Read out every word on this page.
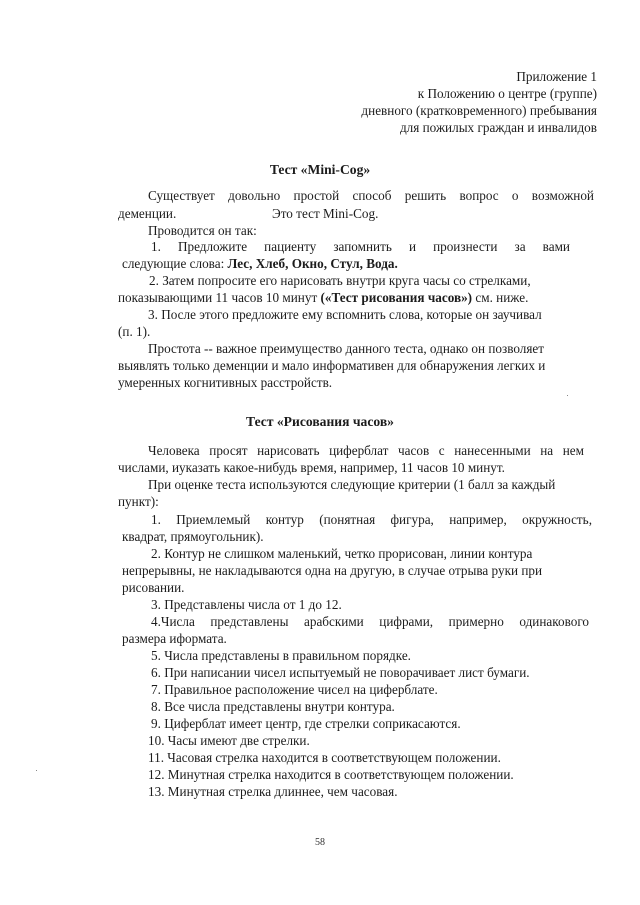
Приложение 1

к Положению о центре (группе)

дневного (кратковременного) пребывания

для пожилых граждан и инвалидов

Тест «Mini-Cog»

Существует довольно простой способ решить вопрос о возможной

деменции.	Это тест Mini-Cog.

Проводится он так:

1. Предложите пациенту запомнить и произнести за вами

следующие слова: Лес, Хлеб, Окно, Стул, Вода.

2. Затем попросите его нарисовать внутри круга часы со стрелками,

показывающими 11 часов 10 минут («Тест рисования часов») см. ниже.

3. После этого предложите ему вспомнить слова, которые он заучивал

(п. 1).

Простота -- важное преимущество данного теста, однако он позволяет

выявлять только деменции и мало информативен для обнаружения легких и

умеренных когнитивных расстройств.

Тест «Рисования часов»

Человека просят нарисовать циферблат часов с нанесенными на нем

числами, иуказать какое-нибудь время, например, 11 часов 10 минут.

При оценке теста используются следующие критерии (1 балл за каждый

пункт):

1. Приемлемый контур (понятная фигура, например, окружность,

квадрат, прямоугольник).

2. Контур не слишком маленький, четко прорисован, линии контура

непрерывны, не накладываются одна на другую, в случае отрыва руки при

рисовании.

3. Представлены числа от 1 до 12.

4.Числа представлены арабскими цифрами, примерно одинакового

размера иформата.

5. Числа представлены в правильном порядке.

6. При написании чисел испытуемый не поворачивает лист бумаги.

7. Правильное расположение чисел на циферблате.

8. Все числа представлены внутри контура.

9. Циферблат имеет центр, где стрелки соприкасаются.

10. Часы имеют две стрелки.

11. Часовая стрелка находится в соответствующем положении.

12. Минутная стрелка находится в соответствующем положении.

13. Минутная стрелка длиннее, чем часовая.

58
